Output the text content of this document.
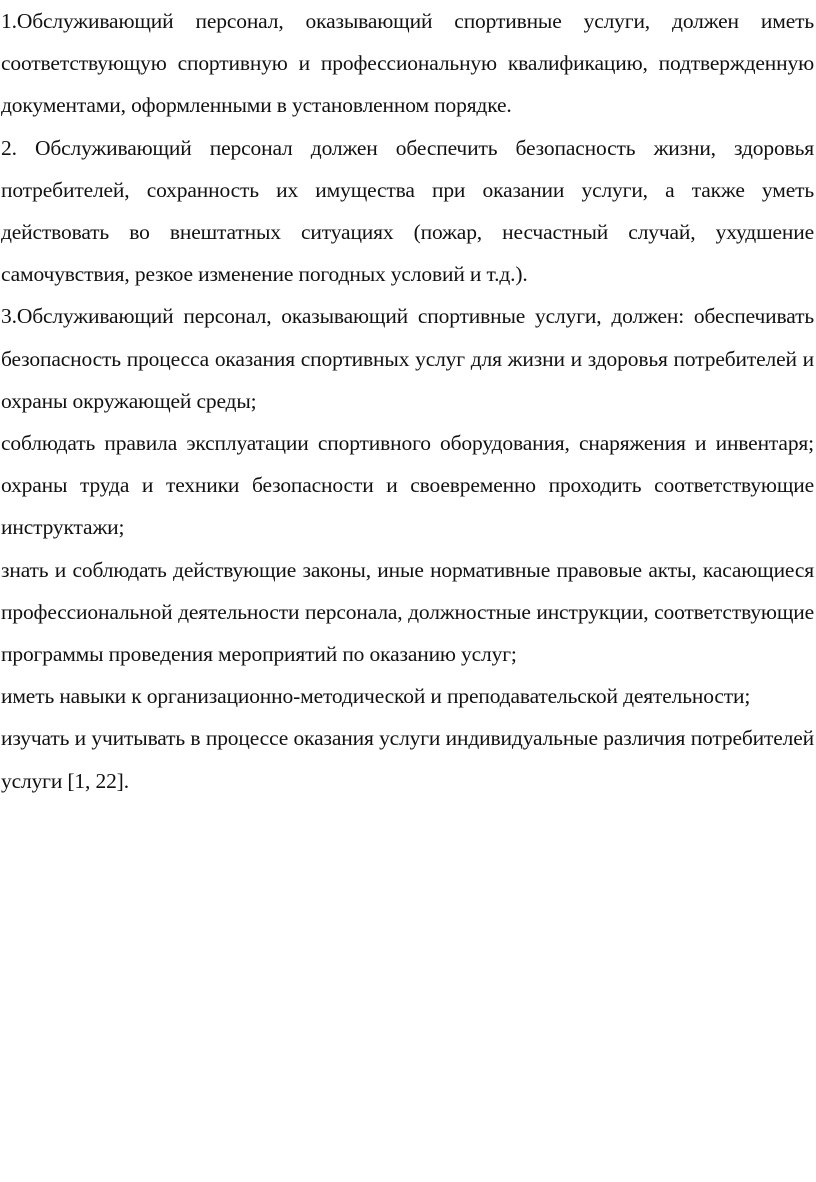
1.Обслуживающий персонал, оказывающий спортивные услуги, должен иметь соответствующую спортивную и профессиональную квалификацию, подтвержденную документами, оформленными в установленном порядке.

2. Обслуживающий персонал должен обеспечить безопасность жизни, здоровья потребителей, сохранность их имущества при оказании услуги, а также уметь действовать во внештатных ситуациях (пожар, несчастный случай, ухудшение самочувствия, резкое изменение погодных условий и т.д.).

3.Обслуживающий персонал, оказывающий спортивные услуги, должен: обеспечивать безопасность процесса оказания спортивных услуг для жизни и здоровья потребителей и охраны окружающей среды;

соблюдать правила эксплуатации спортивного оборудования, снаряжения и инвентаря; охраны труда и техники безопасности и своевременно проходить соответствующие инструктажи;

знать и соблюдать действующие законы, иные нормативные правовые акты, касающиеся профессиональной деятельности персонала, должностные инструкции, соответствующие программы проведения мероприятий по оказанию услуг;

иметь навыки к организационно-методической и преподавательской деятельности;

изучать и учитывать в процессе оказания услуги индивидуальные различия потребителей услуги [1, 22].
